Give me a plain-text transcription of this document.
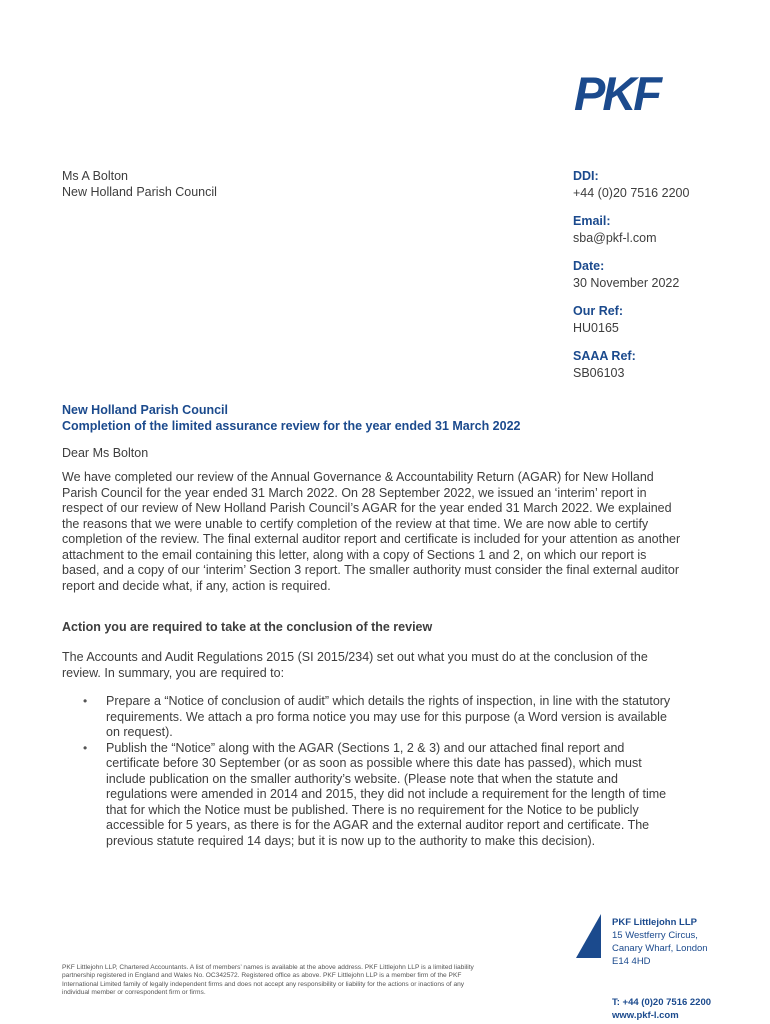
PKF
Ms A Bolton
New Holland Parish Council
DDI:
+44 (0)20 7516 2200
Email:
sba@pkf-l.com
Date:
30 November 2022
Our Ref:
HU0165
SAAA Ref:
SB06103
New Holland Parish Council
Completion of the limited assurance review for the year ended 31 March 2022
Dear Ms Bolton
We have completed our review of the Annual Governance & Accountability Return (AGAR) for New Holland Parish Council for the year ended 31 March 2022. On 28 September 2022, we issued an ‘interim’ report in respect of our review of New Holland Parish Council’s AGAR for the year ended 31 March 2022. We explained the reasons that we were unable to certify completion of the review at that time. We are now able to certify completion of the review. The final external auditor report and certificate is included for your attention as another attachment to the email containing this letter, along with a copy of Sections 1 and 2, on which our report is based, and a copy of our ‘interim’ Section 3 report. The smaller authority must consider the final external auditor report and decide what, if any, action is required.
Action you are required to take at the conclusion of the review
The Accounts and Audit Regulations 2015 (SI 2015/234) set out what you must do at the conclusion of the review. In summary, you are required to:
• Prepare a “Notice of conclusion of audit” which details the rights of inspection, in line with the statutory requirements. We attach a pro forma notice you may use for this purpose (a Word version is available on request).
• Publish the “Notice” along with the AGAR (Sections 1, 2 & 3) and our attached final report and certificate before 30 September (or as soon as possible where this date has passed), which must include publication on the smaller authority’s website. (Please note that when the statute and regulations were amended in 2014 and 2015, they did not include a requirement for the length of time that for which the Notice must be published. There is no requirement for the Notice to be publicly accessible for 5 years, as there is for the AGAR and the external auditor report and certificate. The previous statute required 14 days; but it is now up to the authority to make this decision).
PKF Littlejohn LLP, Chartered Accountants. A list of members’ names is available at the above address. PKF Littlejohn LLP is a limited liability partnership registered in England and Wales No. OC342572. Registered office as above. PKF Littlejohn LLP is a member firm of the PKF International Limited family of legally independent firms and does not accept any responsibility or liability for the actions or inactions of any individual member or correspondent firm or firms.
PKF Littlejohn LLP
15 Westferry Circus,
Canary Wharf, London
E14 4HD
T: +44 (0)20 7516 2200
www.pkf-l.com
